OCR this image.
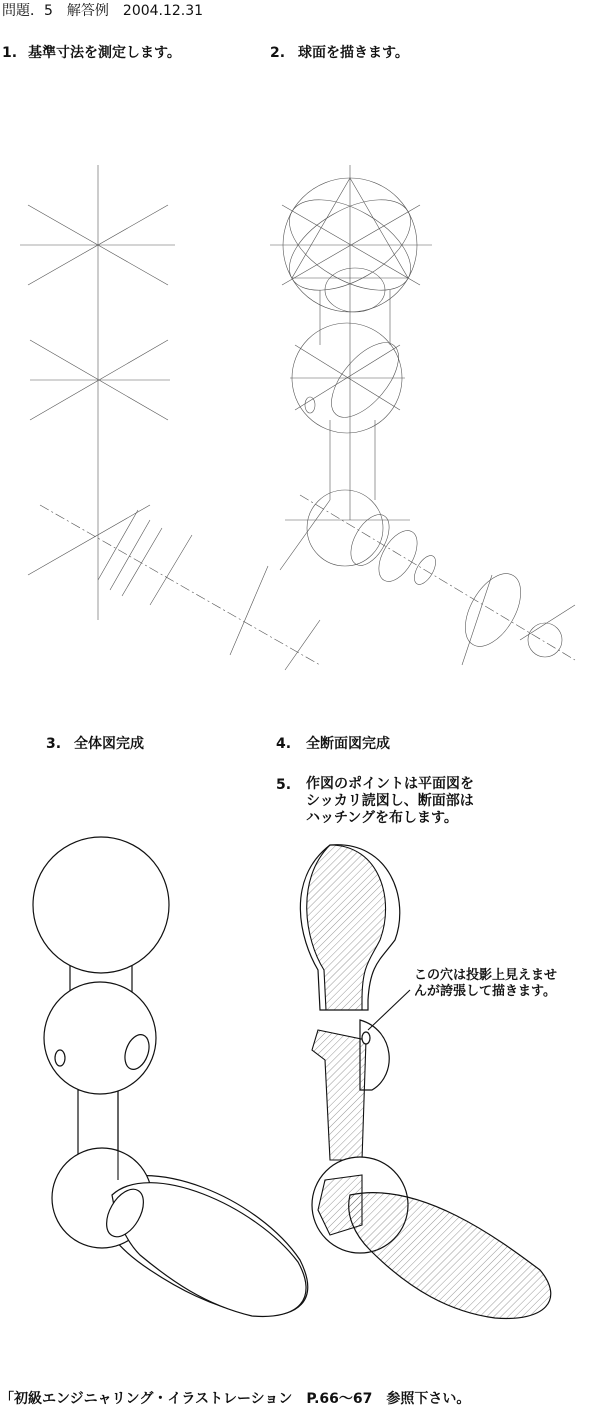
問題．5　解答例　2004.12.31
1. 基準寸法を測定します。	2. 球面を描きます。
3. 全体図完成	4. 全断面図完成
5. 作図のポイントは平面図を
シッカリ読図し、断面部は
ハッチングを布します。
この穴は投影上見えませ
んが誇張して描きます。
「初級エンジニャリング・イラストレーション　P.66〜67　参照下さい。
